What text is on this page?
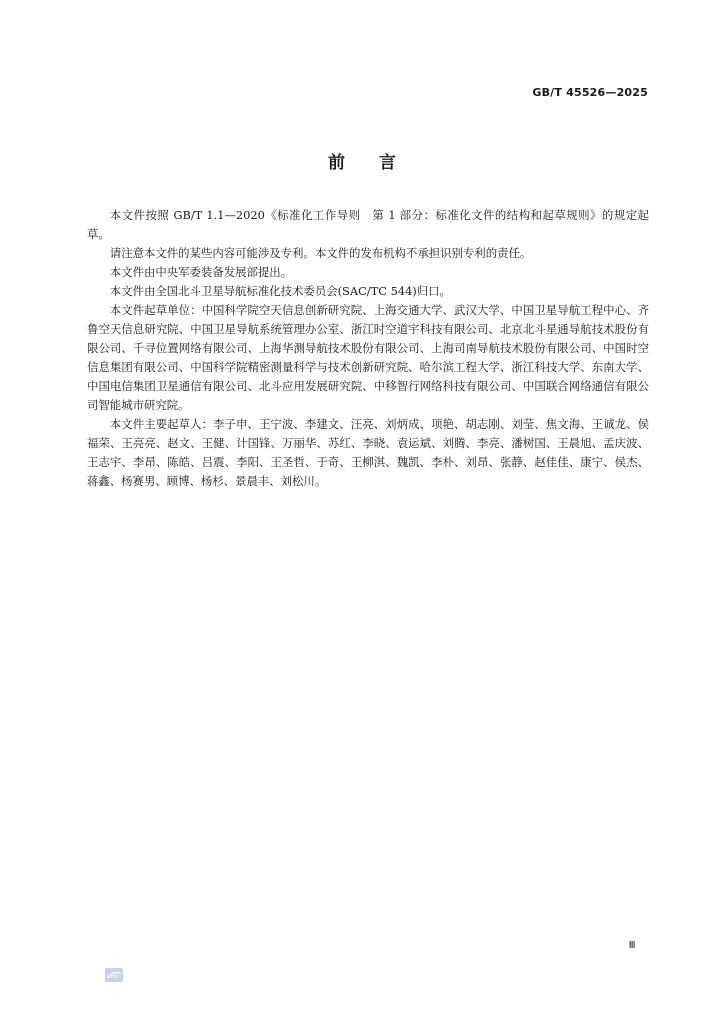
GB/T 45526—2025
前言

本文件按照 GB/T 1.1—2020《标准化工作导则　第 1 部分：标准化文件的结构和起草规则》的规定起草。

请注意本文件的某些内容可能涉及专利。本文件的发布机构不承担识别专利的责任。

本文件由中央军委装备发展部提出。

本文件由全国北斗卫星导航标准化技术委员会(SAC/TC 544)归口。

本文件起草单位：中国科学院空天信息创新研究院、上海交通大学、武汉大学、中国卫星导航工程中心、齐鲁空天信息研究院、中国卫星导航系统管理办公室、浙江时空道宇科技有限公司、北京北斗星通导航技术股份有限公司、千寻位置网络有限公司、上海华测导航技术股份有限公司、上海司南导航技术股份有限公司、中国时空信息集团有限公司、中国科学院精密测量科学与技术创新研究院、哈尔滨工程大学、浙江科技大学、东南大学、中国电信集团卫星通信有限公司、北斗应用发展研究院、中移智行网络科技有限公司、中国联合网络通信有限公司智能城市研究院。

本文件主要起草人：李子申、王宁波、李建文、汪亮、刘炳成、项艳、胡志刚、刘莹、焦文海、王诚龙、侯福荣、王亮亮、赵文、王健、计国锋、万丽华、苏红、李晓、袁运斌、刘腾、李亮、潘树国、王晨旭、孟庆波、王志宇、李昂、陈皓、吕震、李阳、王圣哲、于奇、王柳淇、魏凯、李朴、刘昂、张静、赵佳佳、康宁、侯杰、蒋鑫、杨赛男、顾博、杨杉、景晨丰、刘松川。

Ⅲ
